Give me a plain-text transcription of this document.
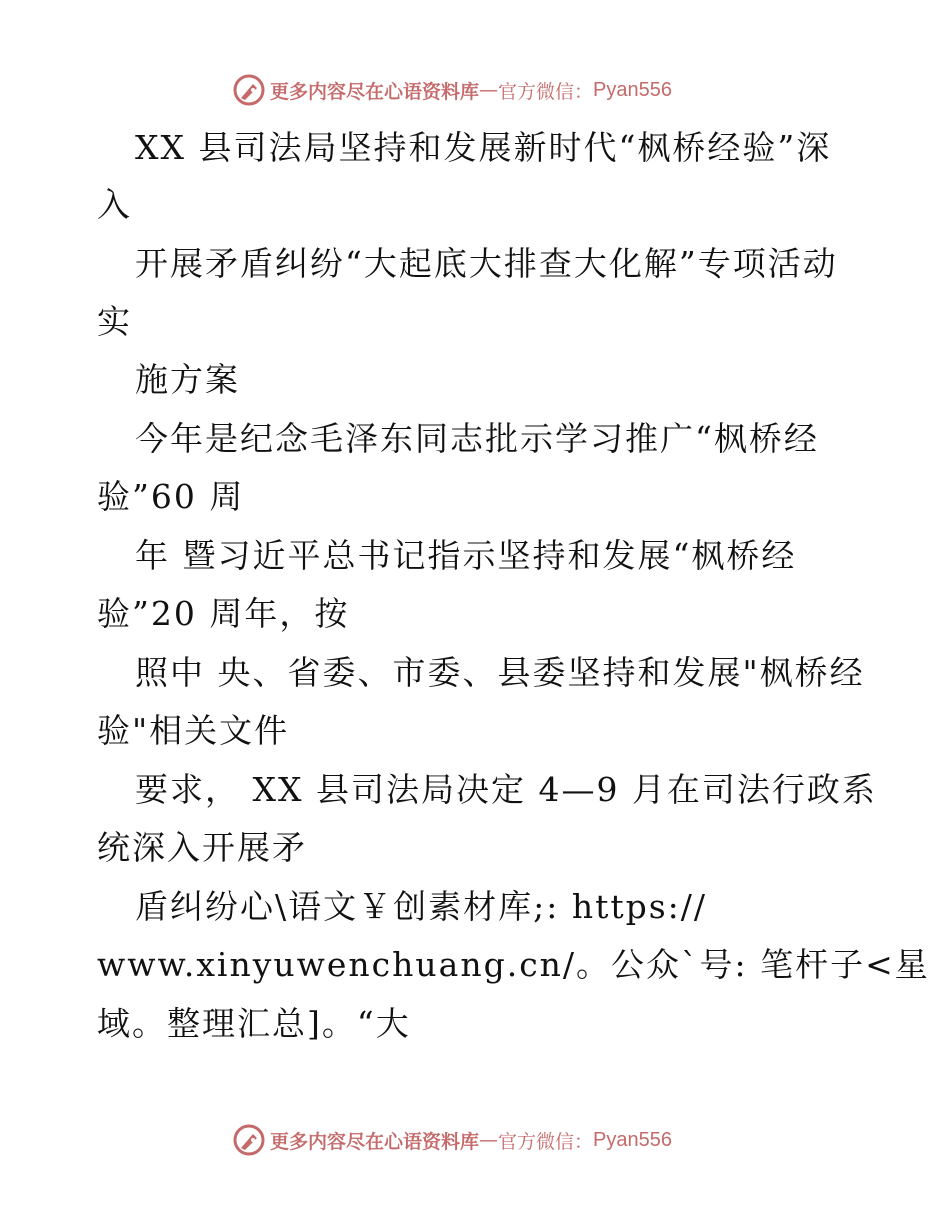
更多内容尽在心语资料库 — 官方微信： Pyan556
XX 县司法局坚持和发展新时代“枫桥经验”深
入
开展矛盾纠纷“大起底大排查大化解”专项活动
实
施方案
今年是纪念毛泽东同志批示学习推广“枫桥经
验”60 周
年 暨习近平总书记指示坚持和发展“枫桥经
验”20 周年，按
照中 央、省委、市委、县委坚持和发展"枫桥经
验"相关文件
要求， XX 县司法局决定 4—9 月在司法行政系
统深入开展矛
盾纠纷心\语文￥创素材库;: https://
www.xinyuwenchuang.cn/。公众`号: 笔杆子<星
域。整理汇总]。“大
更多内容尽在心语资料库 — 官方微信： Pyan556
